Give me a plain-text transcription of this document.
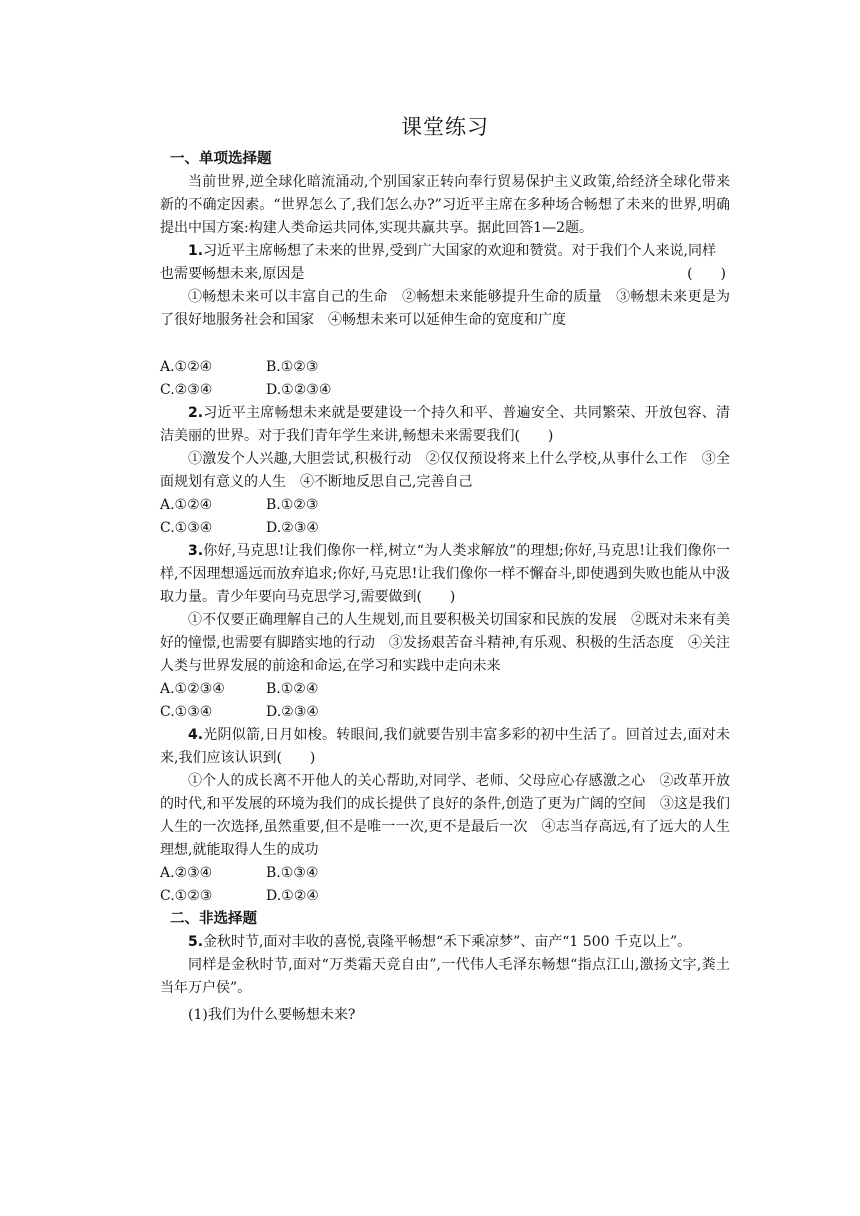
课堂练习
一、单项选择题

当前世界,逆全球化暗流涌动,个别国家正转向奉行贸易保护主义政策,给经济全球化带来新的不确定因素。“世界怎么了,我们怎么办?”习近平主席在多种场合畅想了未来的世界,明确提出中国方案:构建人类命运共同体,实现共赢共享。据此回答1—2题。

1.习近平主席畅想了未来的世界,受到广大国家的欢迎和赞赏。对于我们个人来说,同样

也需要畅想未来,原因是	(　　)

①畅想未来可以丰富自己的生命　②畅想未来能够提升生命的质量　③畅想未来更是为了很好地服务社会和国家　④畅想未来可以延伸生命的宽度和广度

A.①②④	B.①②③
C.②③④	D.①②③④

2.习近平主席畅想未来就是要建设一个持久和平、普遍安全、共同繁荣、开放包容、清洁美丽的世界。对于我们青年学生来讲,畅想未来需要我们(　　)

①激发个人兴趣,大胆尝试,积极行动　②仅仅预设将来上什么学校,从事什么工作　③全面规划有意义的人生　④不断地反思自己,完善自己

A.①②④	B.①②③
C.①③④	D.②③④

3.你好,马克思!让我们像你一样,树立“为人类求解放”的理想;你好,马克思!让我们像你一样,不因理想遥远而放弃追求;你好,马克思!让我们像你一样不懈奋斗,即使遇到失败也能从中汲取力量。青少年要向马克思学习,需要做到(　　)

①不仅要正确理解自己的人生规划,而且要积极关切国家和民族的发展　②既对未来有美好的憧憬,也需要有脚踏实地的行动　③发扬艰苦奋斗精神,有乐观、积极的生活态度　④关注人类与世界发展的前途和命运,在学习和实践中走向未来

A.①②③④	B.①②④
C.①③④	D.②③④

4.光阴似箭,日月如梭。转眼间,我们就要告别丰富多彩的初中生活了。回首过去,面对未来,我们应该认识到(　　)

①个人的成长离不开他人的关心帮助,对同学、老师、父母应心存感激之心　②改革开放的时代,和平发展的环境为我们的成长提供了良好的条件,创造了更为广阔的空间　③这是我们人生的一次选择,虽然重要,但不是唯一一次,更不是最后一次　④志当存高远,有了远大的人生理想,就能取得人生的成功

A.②③④	B.①③④
C.①②③	D.①②④
二、非选择题

5.金秋时节,面对丰收的喜悦,袁隆平畅想“禾下乘凉梦”、亩产“1 500 千克以上”。

同样是金秋时节,面对“万类霜天竞自由”,一代伟人毛泽东畅想“指点江山,激扬文字,粪土当年万户侯”。

(1)我们为什么要畅想未来?
